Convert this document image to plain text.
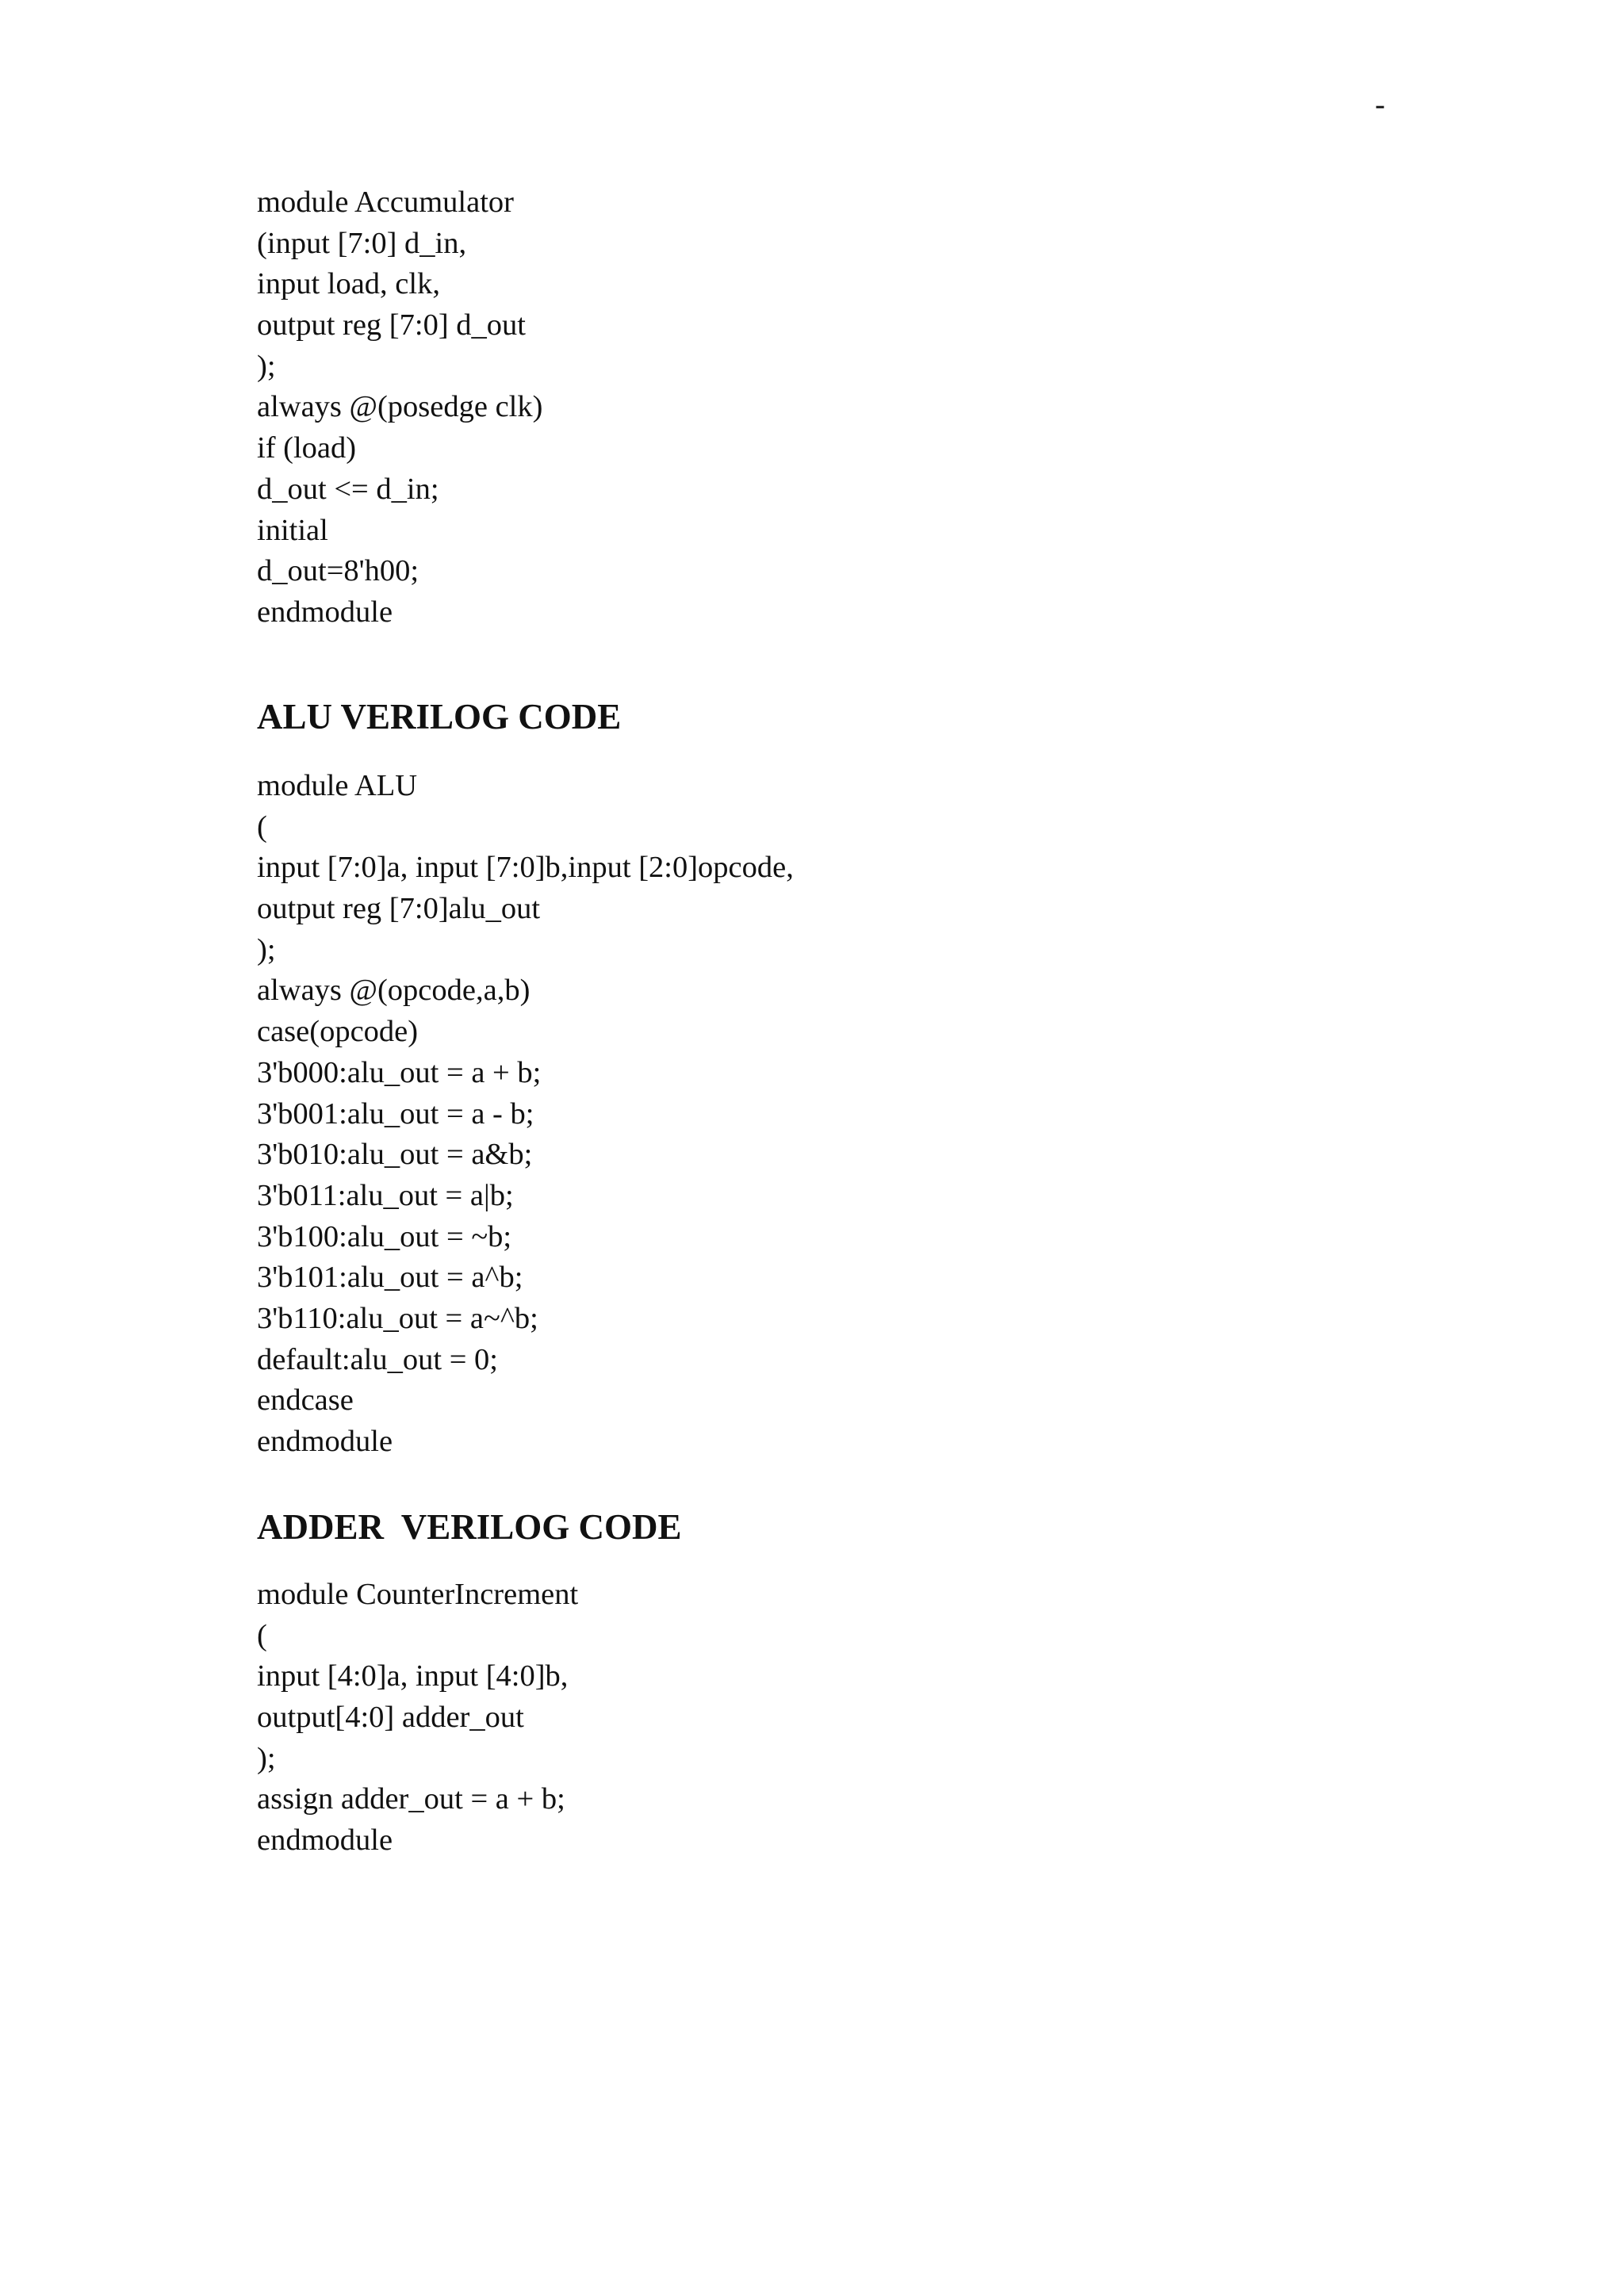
-
module Accumulator
(input [7:0] d_in,
input load, clk,
output reg [7:0] d_out
);
always @(posedge clk)
if (load)
d_out <= d_in;
initial
d_out=8'h00;
endmodule
ALU VERILOG CODE
module ALU
(
input [7:0]a, input [7:0]b,input [2:0]opcode,
output reg [7:0]alu_out
);
always @(opcode,a,b)
case(opcode)
3'b000:alu_out = a + b;
3'b001:alu_out = a - b;
3'b010:alu_out = a&b;
3'b011:alu_out = a|b;
3'b100:alu_out = ~b;
3'b101:alu_out = a^b;
3'b110:alu_out = a~^b;
default:alu_out = 0;
endcase
endmodule
ADDER  VERILOG CODE
module CounterIncrement
(
input [4:0]a, input [4:0]b,
output[4:0] adder_out
);
assign adder_out = a + b;
endmodule
